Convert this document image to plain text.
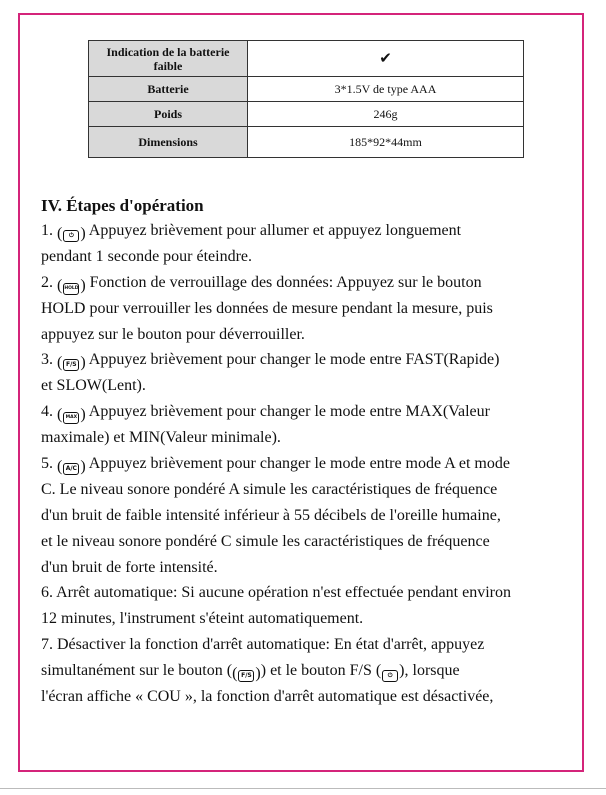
Indication de la batterie faible	✔
Batterie	3*1.5V de type AAA
Poids	246g
Dimensions	185*92*44mm
IV. Étapes d'opération
1. ( ⏻ ) Appuyez brièvement pour allumer et appuyez longuement
pendant 1 seconde pour éteindre.
2. ( HOLD ) Fonction de verrouillage des données: Appuyez sur le bouton
HOLD pour verrouiller les données de mesure pendant la mesure, puis
appuyez sur le bouton pour déverrouiller.
3. ( F/S ) Appuyez brièvement pour changer le mode entre FAST(Rapide)
et SLOW(Lent).
4. ( MAX ) Appuyez brièvement pour changer le mode entre MAX(Valeur
maximale) et MIN(Valeur minimale).
5. ( A/C ) Appuyez brièvement pour changer le mode entre mode A et mode
C. Le niveau sonore pondéré A simule les caractéristiques de fréquence
d'un bruit de faible intensité inférieur à 55 décibels de l'oreille humaine,
et le niveau sonore pondéré C simule les caractéristiques de fréquence
d'un bruit de forte intensité.
6. Arrêt automatique: Si aucune opération n'est effectuée pendant environ
12 minutes, l'instrument s'éteint automatiquement.
7. Désactiver la fonction d'arrêt automatique: En état d'arrêt, appuyez
simultanément sur le bouton (( F/S )) et le bouton F/S ( ⏻ ), lorsque
l'écran affiche « COU », la fonction d'arrêt automatique est désactivée,
